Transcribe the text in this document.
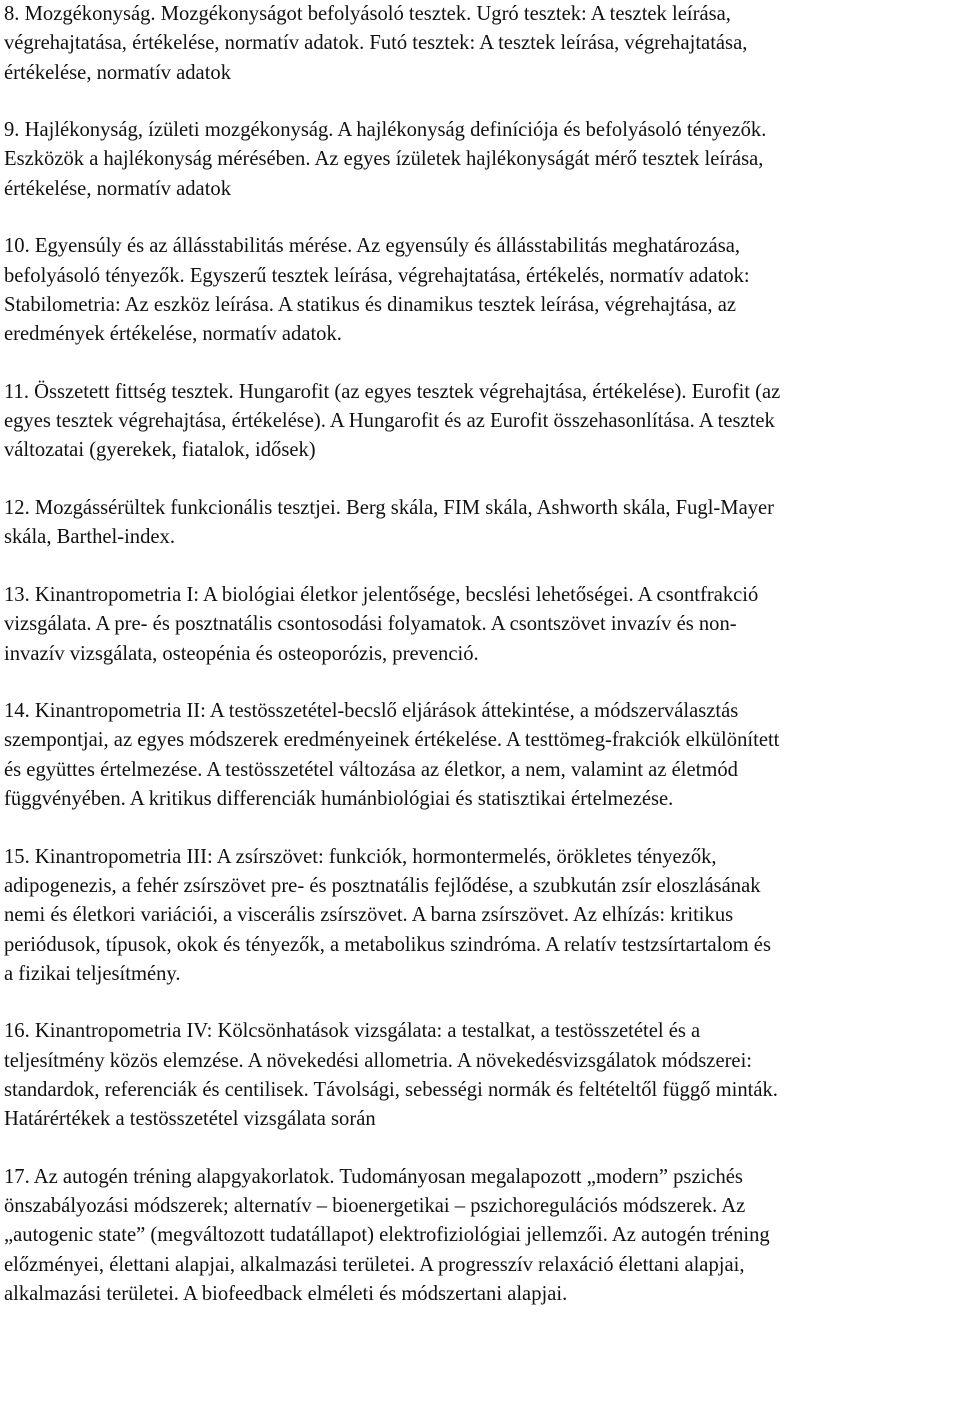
8. Mozgékonyság. Mozgékonyságot befolyásoló tesztek. Ugró tesztek: A tesztek leírása,
végrehajtatása, értékelése, normatív adatok. Futó tesztek: A tesztek leírása, végrehajtatása,
értékelése, normatív adatok
9. Hajlékonyság, ízületi mozgékonyság. A hajlékonyság definíciója és befolyásoló tényezők.
Eszközök a hajlékonyság mérésében. Az egyes ízületek hajlékonyságát mérő tesztek leírása,
értékelése, normatív adatok
10. Egyensúly és az állásstabilitás mérése. Az egyensúly és állásstabilitás meghatározása,
befolyásoló tényezők. Egyszerű tesztek leírása, végrehajtatása, értékelés, normatív adatok:
Stabilometria: Az eszköz leírása. A statikus és dinamikus tesztek leírása, végrehajtása, az
eredmények értékelése, normatív adatok.
11. Összetett fittség tesztek. Hungarofit (az egyes tesztek végrehajtása, értékelése). Eurofit (az
egyes tesztek végrehajtása, értékelése). A Hungarofit és az Eurofit összehasonlítása. A tesztek
változatai (gyerekek, fiatalok, idősek)
12. Mozgássérültek funkcionális tesztjei. Berg skála, FIM skála, Ashworth skála, Fugl-Mayer
skála, Barthel-index.
13. Kinantropometria I: A biológiai életkor jelentősége, becslési lehetőségei. A csontfrakció
vizsgálata. A pre- és posztnatális csontosodási folyamatok. A csontszövet invazív és non-
invazív vizsgálata, osteopénia és osteoporózis, prevenció.
14. Kinantropometria II: A testösszetétel-becslő eljárások áttekintése, a módszerválasztás
szempontjai, az egyes módszerek eredményeinek értékelése. A testtömeg-frakciók elkülönített
és együttes értelmezése. A testösszetétel változása az életkor, a nem, valamint az életmód
függvényében. A kritikus differenciák humánbiológiai és statisztikai értelmezése.
15. Kinantropometria III: A zsírszövet: funkciók, hormontermelés, örökletes tényezők,
adipogenezis, a fehér zsírszövet pre- és posztnatális fejlődése, a szubkután zsír eloszlásának
nemi és életkori variációi, a viscerális zsírszövet. A barna zsírszövet. Az elhízás: kritikus
periódusok, típusok, okok és tényezők, a metabolikus szindróma. A relatív testzsírtartalom és
a fizikai teljesítmény.
16. Kinantropometria IV: Kölcsönhatások vizsgálata: a testalkat, a testösszetétel és a
teljesítmény közös elemzése. A növekedési allometria. A növekedésvizsgálatok módszerei:
standardok, referenciák és centilisek. Távolsági, sebességi normák és feltételtől függő minták.
Határértékek a testösszetétel vizsgálata során
17. Az autogén tréning alapgyakorlatok. Tudományosan megalapozott „modern” pszichés
önszabályozási módszerek; alternatív – bioenergetikai – pszichoregulációs módszerek. Az
„autogenic state” (megváltozott tudatállapot) elektrofiziológiai jellemzői. Az autogén tréning
előzményei, élettani alapjai, alkalmazási területei. A progresszív relaxáció élettani alapjai,
alkalmazási területei. A biofeedback elméleti és módszertani alapjai.
